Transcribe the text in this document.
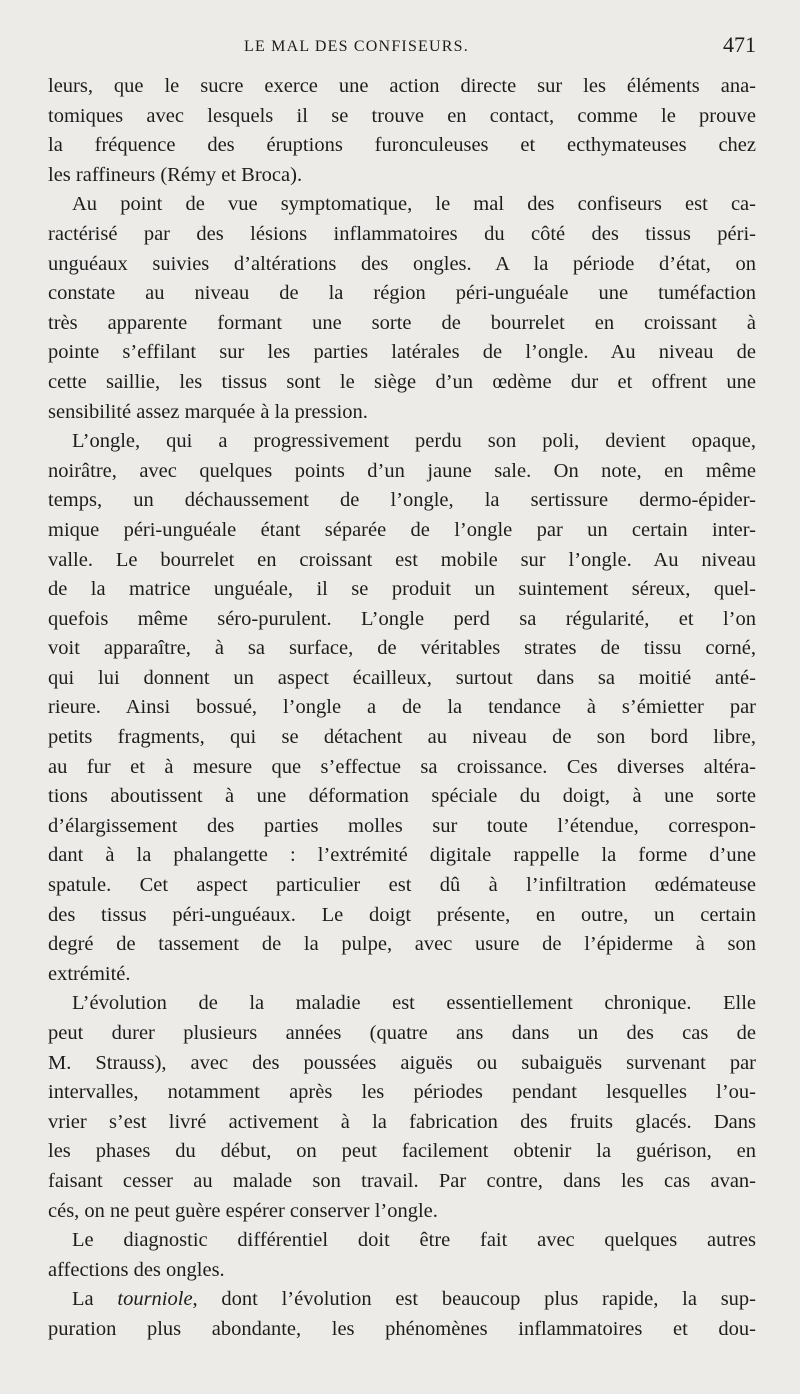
LE MAL DES CONFISEURS.	471

leurs, que le sucre exerce une action directe sur les éléments ana-
tomiques avec lesquels il se trouve en contact, comme le prouve
la fréquence des éruptions furonculeuses et ecthymateuses chez
les raffineurs (Rémy et Broca).

Au point de vue symptomatique, le mal des confiseurs est ca-
ractérisé par des lésions inflammatoires du côté des tissus péri-
unguéaux suivies d’altérations des ongles. A la période d’état, on
constate au niveau de la région péri-unguéale une tuméfaction
très apparente formant une sorte de bourrelet en croissant à
pointe s’effilant sur les parties latérales de l’ongle. Au niveau de
cette saillie, les tissus sont le siège d’un œdème dur et offrent une
sensibilité assez marquée à la pression.

L’ongle, qui a progressivement perdu son poli, devient opaque,
noirâtre, avec quelques points d’un jaune sale. On note, en même
temps, un déchaussement de l’ongle, la sertissure dermo-épider-
mique péri-unguéale étant séparée de l’ongle par un certain inter-
valle. Le bourrelet en croissant est mobile sur l’ongle. Au niveau
de la matrice unguéale, il se produit un suintement séreux, quel-
quefois même séro-purulent. L’ongle perd sa régularité, et l’on
voit apparaître, à sa surface, de véritables strates de tissu corné,
qui lui donnent un aspect écailleux, surtout dans sa moitié anté-
rieure. Ainsi bossué, l’ongle a de la tendance à s’émietter par
petits fragments, qui se détachent au niveau de son bord libre,
au fur et à mesure que s’effectue sa croissance. Ces diverses altéra-
tions aboutissent à une déformation spéciale du doigt, à une sorte
d’élargissement des parties molles sur toute l’étendue, correspon-
dant à la phalangette : l’extrémité digitale rappelle la forme d’une
spatule. Cet aspect particulier est dû à l’infiltration œdémateuse
des tissus péri-unguéaux. Le doigt présente, en outre, un certain
degré de tassement de la pulpe, avec usure de l’épiderme à son
extrémité.

L’évolution de la maladie est essentiellement chronique. Elle
peut durer plusieurs années (quatre ans dans un des cas de
M. Strauss), avec des poussées aiguës ou subaiguës survenant par
intervalles, notamment après les périodes pendant lesquelles l’ou-
vrier s’est livré activement à la fabrication des fruits glacés. Dans
les phases du début, on peut facilement obtenir la guérison, en
faisant cesser au malade son travail. Par contre, dans les cas avan-
cés, on ne peut guère espérer conserver l’ongle.

Le diagnostic différentiel doit être fait avec quelques autres
affections des ongles.

La tourniole, dont l’évolution est beaucoup plus rapide, la sup-
puration plus abondante, les phénomènes inflammatoires et dou-
